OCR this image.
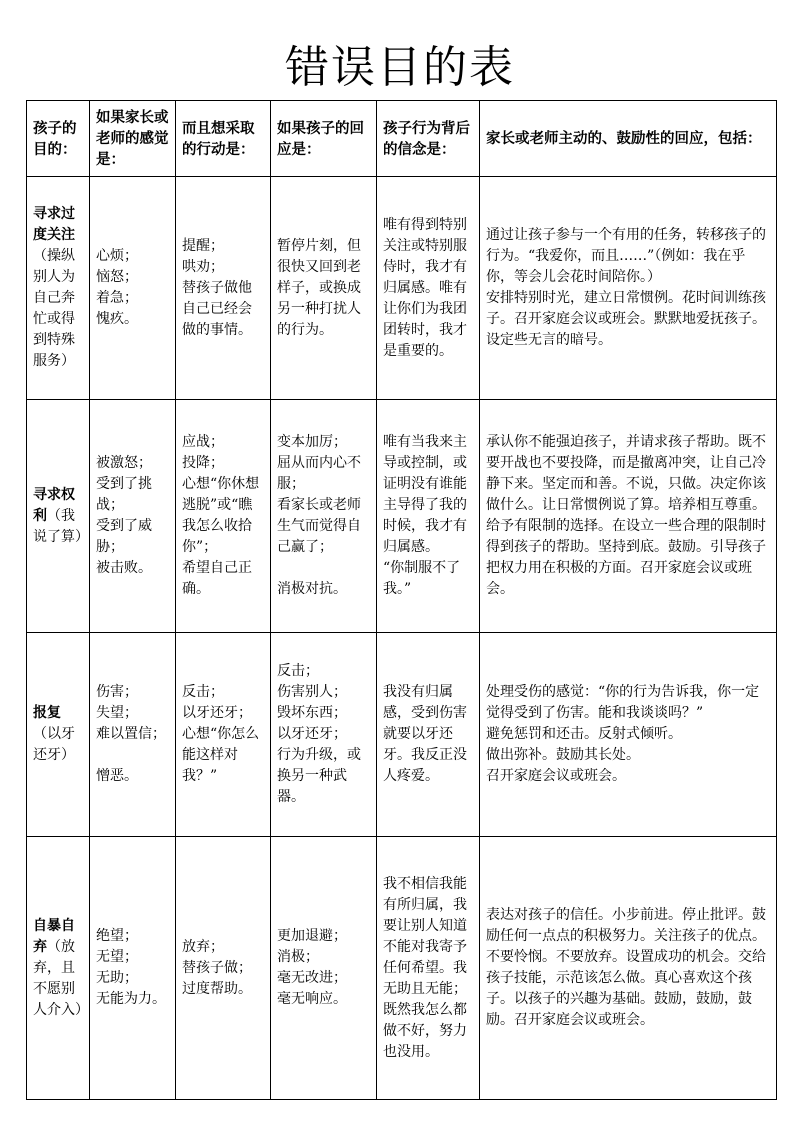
错误目的表
孩子的目的：	如果家长或老师的感觉是：	而且想采取的行动是：	如果孩子的回应是：	孩子行为背后的信念是：	家长或老师主动的、鼓励性的回应，包括：
寻求过度关注（操纵别人为自己奔忙或得到特殊服务）	心烦；
恼怒；
着急；
愧疚。	提醒；
哄劝；
替孩子做他自己已经会做的事情。	暂停片刻，但很快又回到老样子，或换成另一种打扰人的行为。	唯有得到特别关注或特别服侍时，我才有归属感。唯有让你们为我团团转时，我才是重要的。	通过让孩子参与一个有用的任务，转移孩子的行为。“我爱你，而且……”（例如：我在乎你，等会儿会花时间陪你。）
安排特别时光，建立日常惯例。花时间训练孩子。召开家庭会议或班会。默默地爱抚孩子。设定些无言的暗号。
寻求权利（我说了算）	被激怒；
受到了挑战；
受到了威胁；
被击败。	应战；
投降；
心想“你休想逃脱”或“瞧我怎么收拾你”；
希望自己正确。	变本加厉；
屈从而内心不服；
看家长或老师生气而觉得自己赢了；

消极对抗。	唯有当我来主导或控制，或证明没有谁能主导得了我的时候，我才有归属感。
“你制服不了我。”	承认你不能强迫孩子，并请求孩子帮助。既不要开战也不要投降，而是撤离冲突，让自己冷静下来。坚定而和善。不说，只做。决定你该做什么。让日常惯例说了算。培养相互尊重。给予有限制的选择。在设立一些合理的限制时得到孩子的帮助。坚持到底。鼓励。引导孩子把权力用在积极的方面。召开家庭会议或班会。
报复（以牙还牙）	伤害；
失望；
难以置信；

憎恶。	反击；
以牙还牙；
心想“你怎么能这样对我？”	反击；
伤害别人；
毁坏东西；
以牙还牙；
行为升级，或换另一种武器。	我没有归属感，受到伤害就要以牙还牙。我反正没人疼爱。	处理受伤的感觉：“你的行为告诉我，你一定觉得受到了伤害。能和我谈谈吗？”
避免惩罚和还击。反射式倾听。
做出弥补。鼓励其长处。
召开家庭会议或班会。
自暴自弃（放弃，且不愿别人介入）	绝望；
无望；
无助；
无能为力。	放弃；
替孩子做；
过度帮助。	更加退避；
消极；
毫无改进；
毫无响应。	我不相信我能有所归属，我要让别人知道不能对我寄予任何希望。我无助且无能；既然我怎么都做不好，努力也没用。	表达对孩子的信任。小步前进。停止批评。鼓励任何一点点的积极努力。关注孩子的优点。不要怜悯。不要放弃。设置成功的机会。交给孩子技能，示范该怎么做。真心喜欢这个孩子。以孩子的兴趣为基础。鼓励，鼓励，鼓励。召开家庭会议或班会。
